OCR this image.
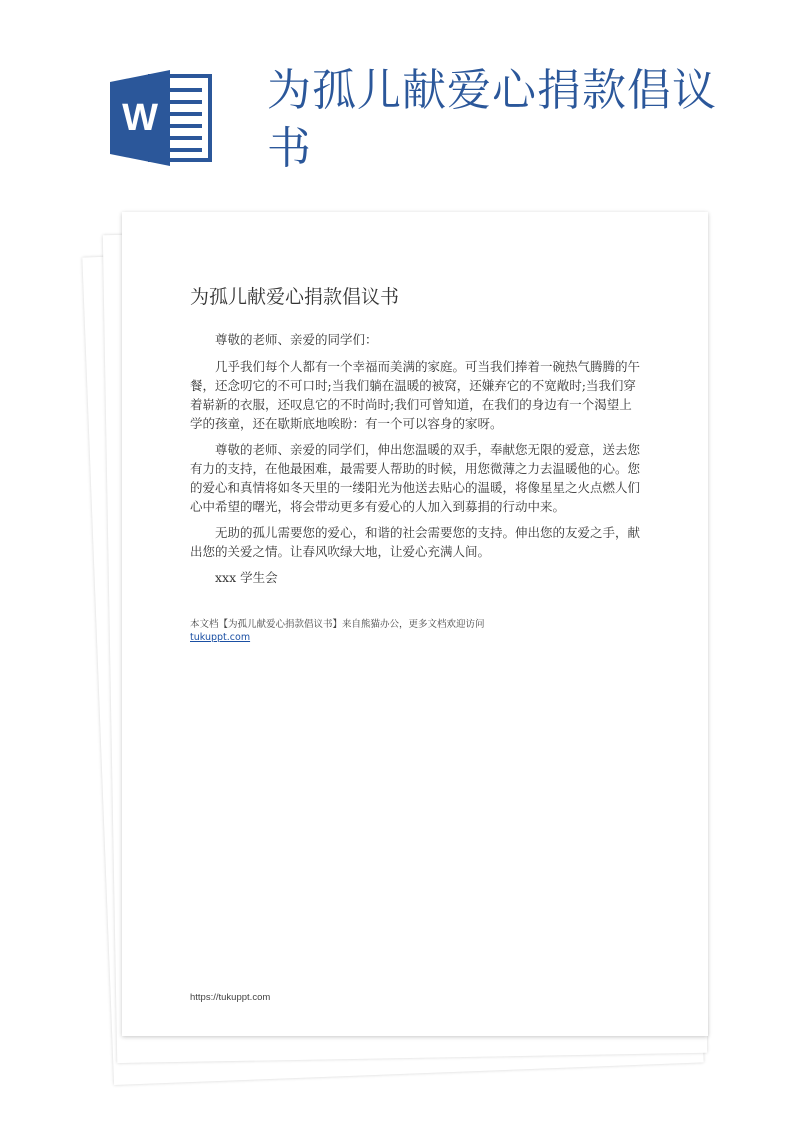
W
为孤儿献爱心捐款倡议书
为孤儿献爱心捐款倡议书

尊敬的老师、亲爱的同学们：

几乎我们每个人都有一个幸福而美满的家庭。可当我们捧着一碗热气腾腾的午餐，还念叨它的不可口时;当我们躺在温暖的被窝，还嫌弃它的不宽敞时;当我们穿着崭新的衣服，还叹息它的不时尚时;我们可曾知道，在我们的身边有一个渴望上学的孩童，还在歇斯底地唉盼：有一个可以容身的家呀。

尊敬的老师、亲爱的同学们，伸出您温暖的双手，奉献您无限的爱意，送去您有力的支持，在他最困难，最需要人帮助的时候，用您微薄之力去温暖他的心。您的爱心和真情将如冬天里的一缕阳光为他送去贴心的温暖，将像星星之火点燃人们心中希望的曙光，将会带动更多有爱心的人加入到募捐的行动中来。

无助的孤儿需要您的爱心，和谐的社会需要您的支持。伸出您的友爱之手，献出您的关爱之情。让春风吹绿大地，让爱心充满人间。

xxx 学生会

本文档【为孤儿献爱心捐款倡议书】来自熊猫办公，更多文档欢迎访问
tukuppt.com
https://tukuppt.com
